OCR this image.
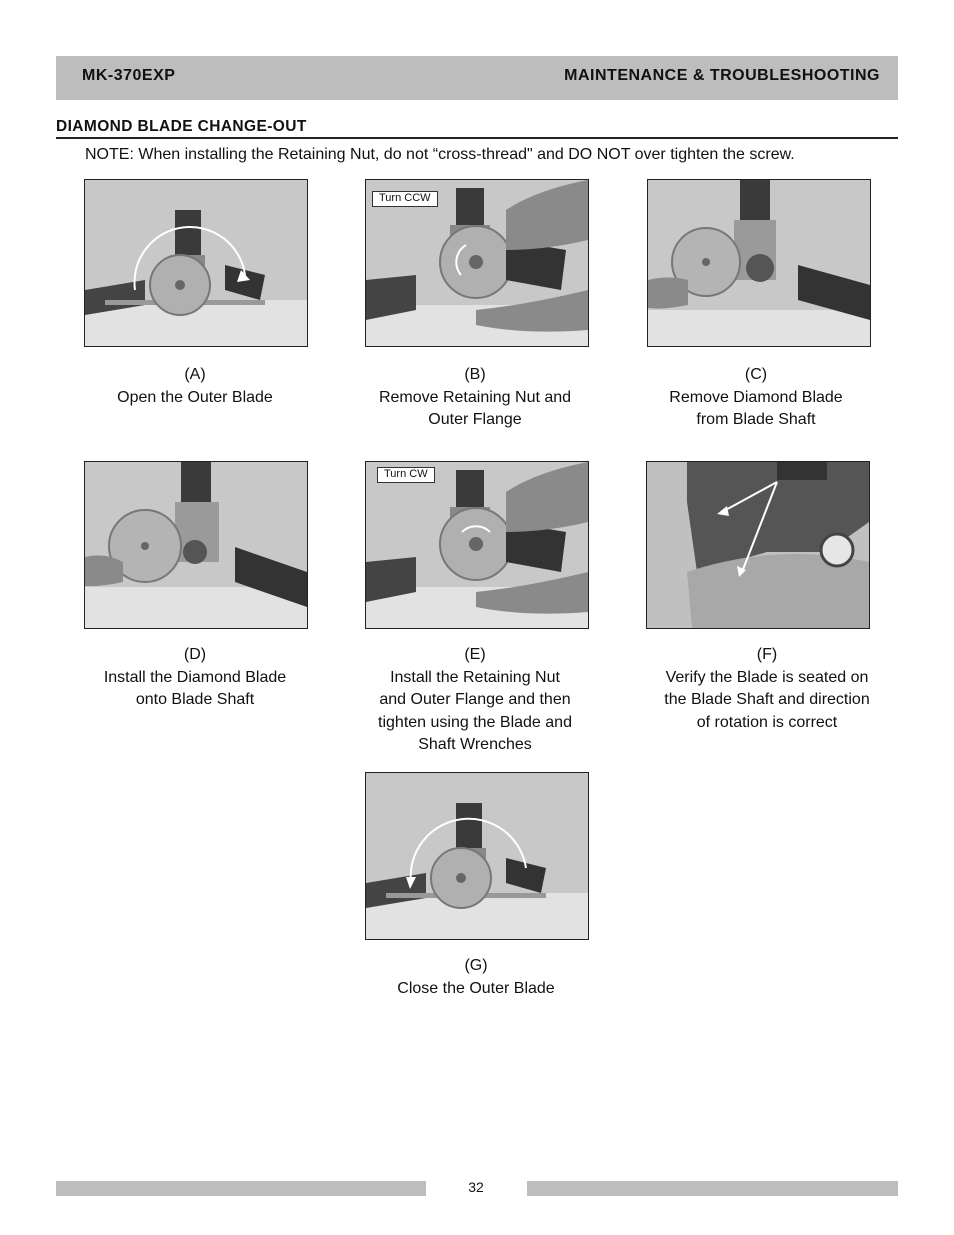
MK-370EXP	MAINTENANCE & TROUBLESHOOTING
DIAMOND BLADE CHANGE-OUT
NOTE: When installing the Retaining Nut, do not “cross-thread" and DO NOT over tighten the screw.
(A)
Open the Outer Blade
Turn CCW
(B)
Remove Retaining Nut and
Outer Flange
(C)
Remove Diamond Blade
from Blade Shaft
(D)
Install the Diamond Blade
onto Blade Shaft
Turn CW
(E)
Install the Retaining Nut
and Outer Flange and then
tighten using the Blade and
Shaft Wrenches
(F)
Verify the Blade is seated on
the Blade Shaft and direction
of rotation is correct
(G)
Close the Outer Blade
32
